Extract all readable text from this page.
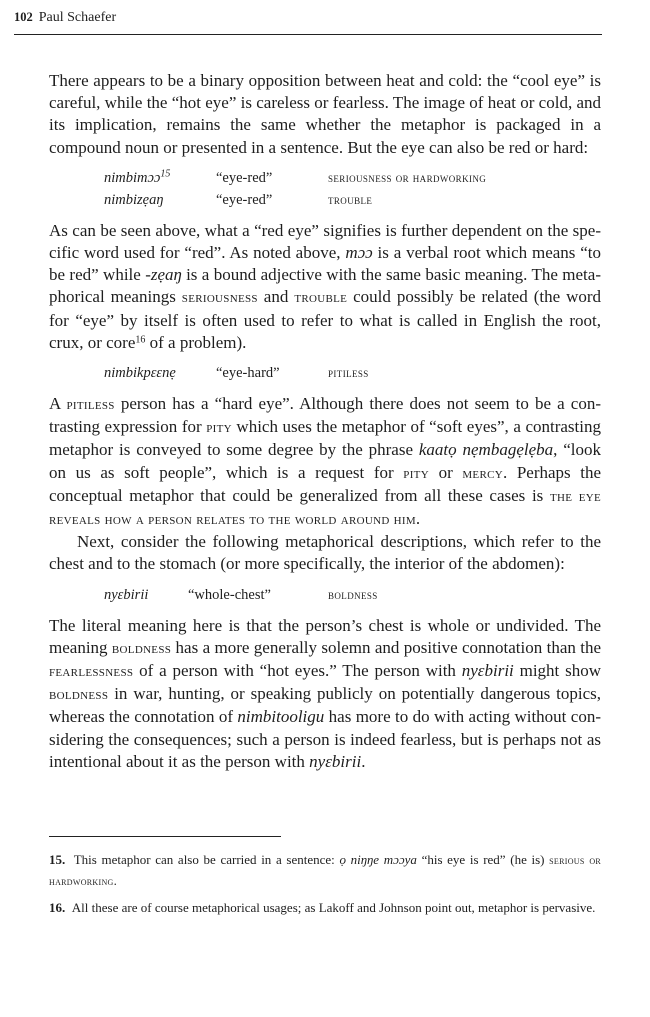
102 Paul Schaefer

There appears to be a binary opposition between heat and cold: the “cool eye” is careful, while the “hot eye” is careless or fearless. The image of heat or cold, and its implication, remains the same whether the metaphor is packaged in a compound noun or presented in a sentence. But the eye can also be red or hard:

nimbimɔɔ$^{15}$	“eye-red”	seriousness or hardworking
nimbizẹaŋ	“eye-red”	trouble

As can be seen above, what a “red eye” signifies is further dependent on the specific word used for “red”. As noted above, mɔɔ is a verbal root which means “to be red” while -zẹaŋ is a bound adjective with the same basic meaning. The metaphorical meanings seriousness and trouble could possibly be related (the word for “eye” by itself is often used to refer to what is called in English the root, crux, or core$^{16}$ of a problem).

nimbikpɛɛnẹ	“eye-hard”	pitiless

A pitiless person has a “hard eye”. Although there does not seem to be a contrasting expression for pity which uses the metaphor of “soft eyes”, a contrasting metaphor is conveyed to some degree by the phrase kaatọ nẹmbagẹlẹba, “look on us as soft people”, which is a request for pity or mercy. Perhaps the conceptual metaphor that could be generalized from all these cases is the eye reveals how a person relates to the world around him.

Next, consider the following metaphorical descriptions, which refer to the chest and to the stomach (or more specifically, the interior of the abdomen):

nyɛbirii	“whole-chest”	boldness

The literal meaning here is that the person’s chest is whole or undivided. The meaning boldness has a more generally solemn and positive connotation than the fearlessness of a person with “hot eyes.” The person with nyɛbirii might show boldness in war, hunting, or speaking publicly on potentially dangerous topics, whereas the connotation of nimbitooligu has more to do with acting without considering the consequences; such a person is indeed fearless, but is perhaps not as intentional about it as the person with nyɛbirii.

15. This metaphor can also be carried in a sentence: ọ niŋŋe mɔɔya “his eye is red” (he is) serious or hardworking.

16. All these are of course metaphorical usages; as Lakoff and Johnson point out, metaphor is pervasive.
